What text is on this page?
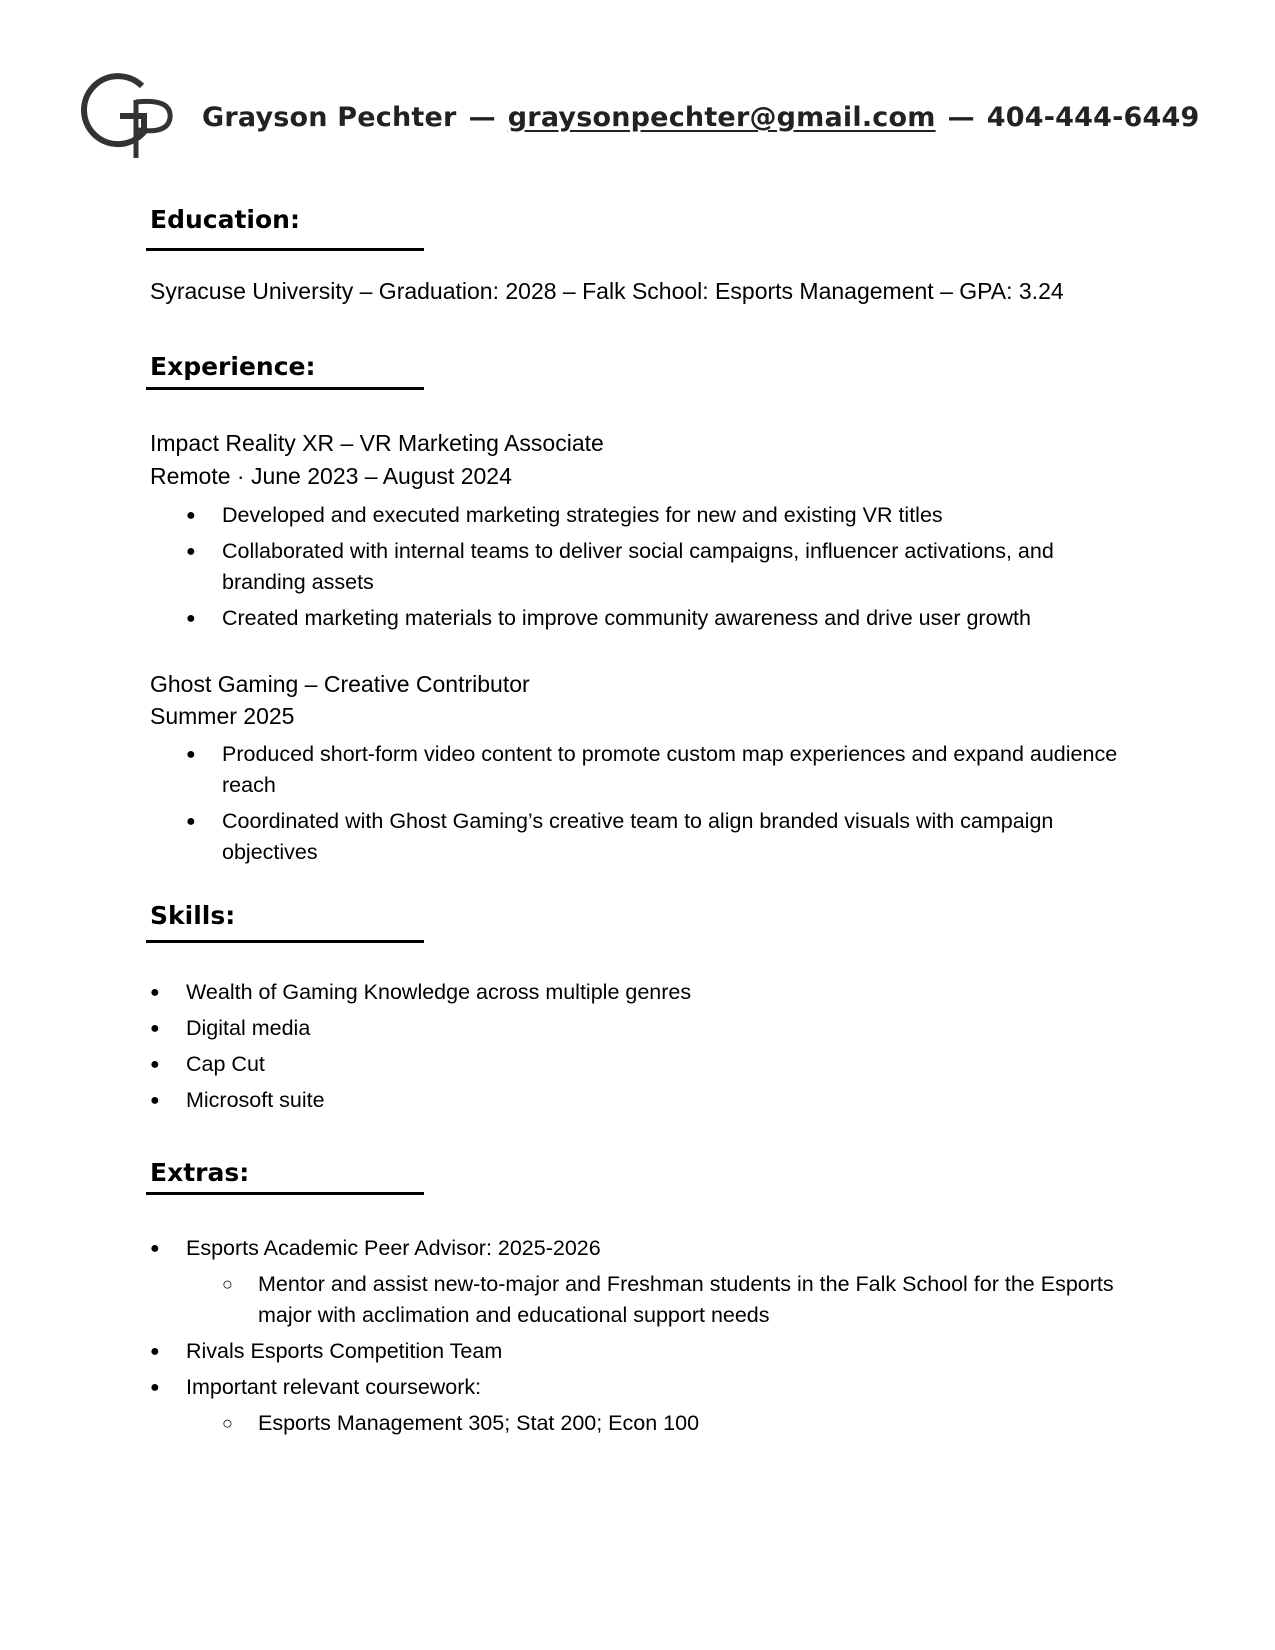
Grayson Pechter — graysonpechter@gmail.com — 404-444-6449
Education:
Syracuse University – Graduation: 2028 – Falk School: Esports Management – GPA: 3.24
Experience:
Impact Reality XR – VR Marketing Associate
Remote · June 2023 – August 2024
● Developed and executed marketing strategies for new and existing VR titles
● Collaborated with internal teams to deliver social campaigns, influencer activations, and branding assets
● Created marketing materials to improve community awareness and drive user growth
Ghost Gaming – Creative Contributor
Summer 2025
● Produced short-form video content to promote custom map experiences and expand audience reach
● Coordinated with Ghost Gaming’s creative team to align branded visuals with campaign objectives
Skills:
● Wealth of Gaming Knowledge across multiple genres
● Digital media
● Cap Cut
● Microsoft suite
Extras:
● Esports Academic Peer Advisor: 2025-2026
○ Mentor and assist new-to-major and Freshman students in the Falk School for the Esports major with acclimation and educational support needs
● Rivals Esports Competition Team
● Important relevant coursework:
○ Esports Management 305; Stat 200; Econ 100
